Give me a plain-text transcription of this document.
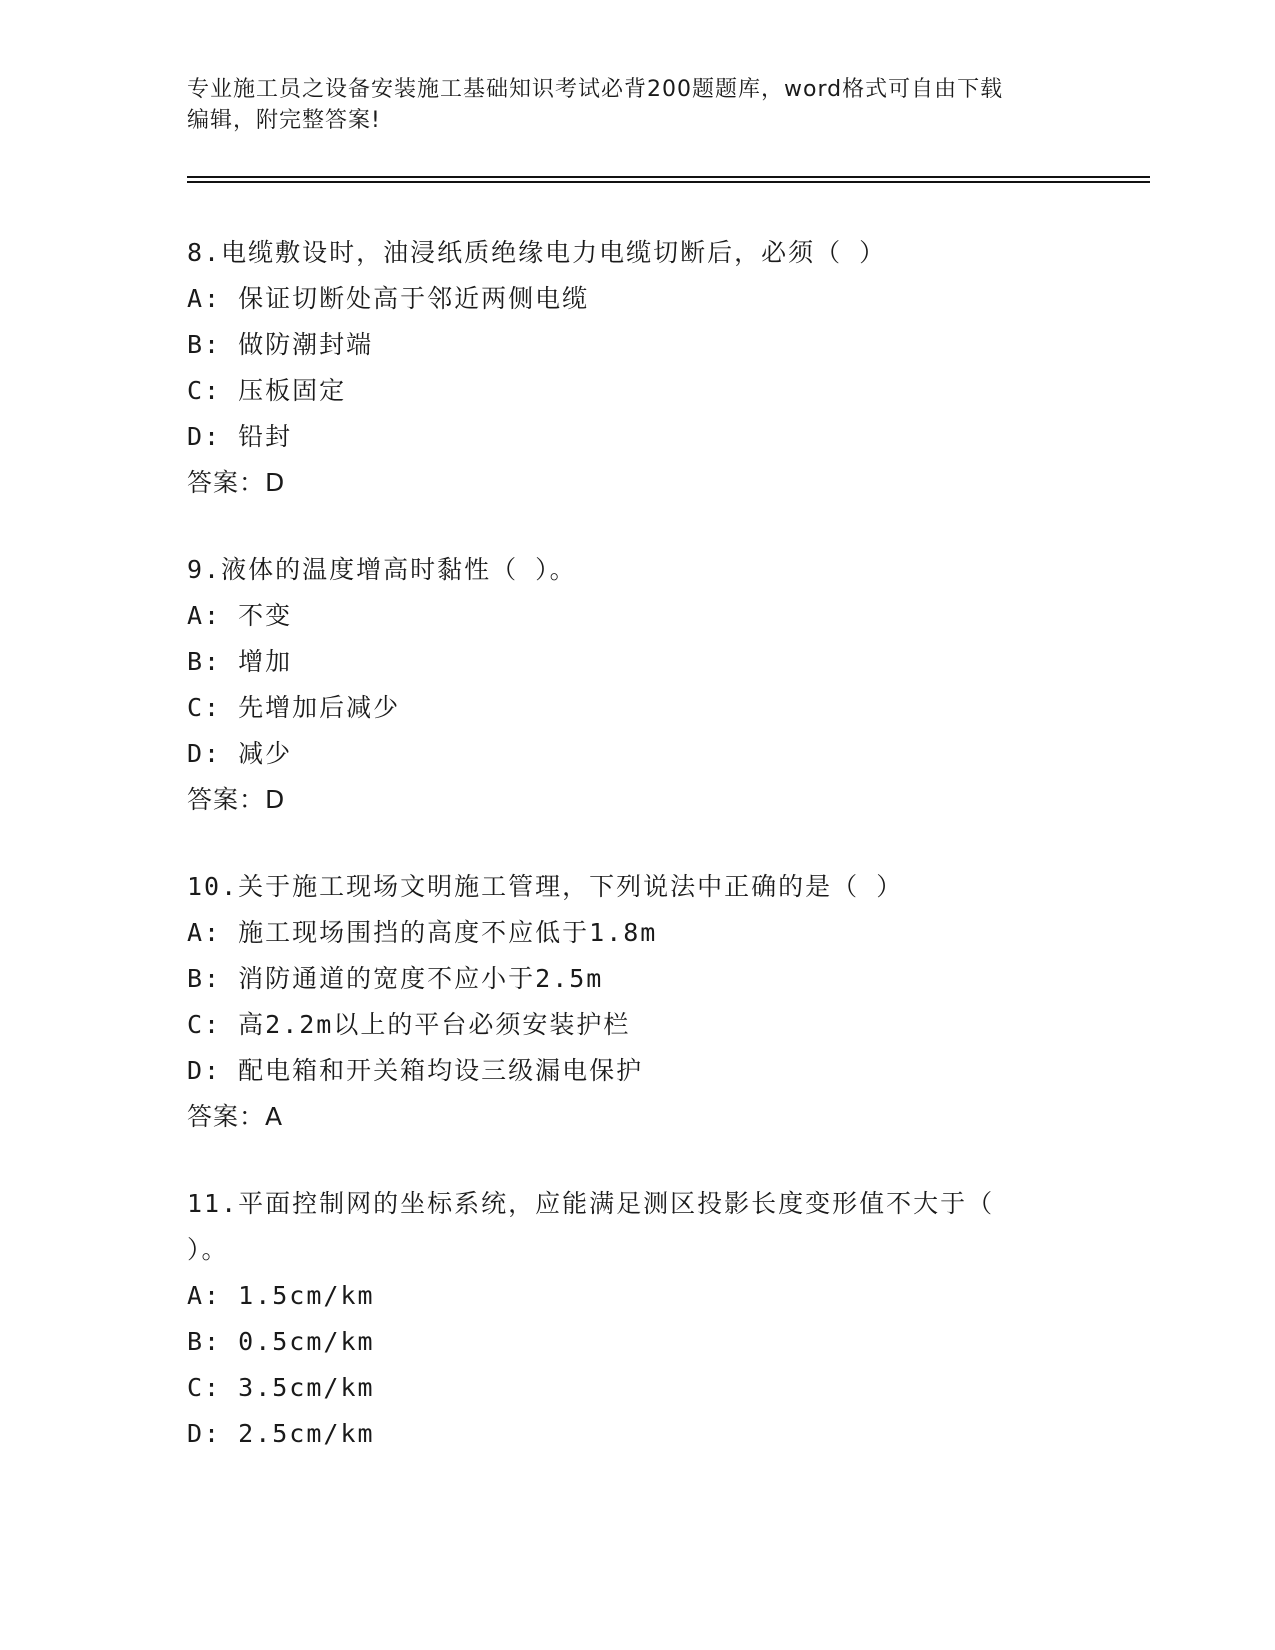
专业施工员之设备安装施工基础知识考试必背200题题库，word格式可自由下载
编辑，附完整答案!
8.电缆敷设时，油浸纸质绝缘电力电缆切断后，必须（ ）
A: 保证切断处高于邻近两侧电缆
B: 做防潮封端
C: 压板固定
D: 铅封
答案：D
9.液体的温度增高时黏性（ ）。
A: 不变
B: 增加
C: 先增加后减少
D: 减少
答案：D
10.关于施工现场文明施工管理，下列说法中正确的是（ ）
A: 施工现场围挡的高度不应低于1.8m
B: 消防通道的宽度不应小于2.5m
C: 高2.2m以上的平台必须安装护栏
D: 配电箱和开关箱均设三级漏电保护
答案：A
11.平面控制网的坐标系统，应能满足测区投影长度变形值不大于（
）。
A: 1.5cm/km
B: 0.5cm/km
C: 3.5cm/km
D: 2.5cm/km
